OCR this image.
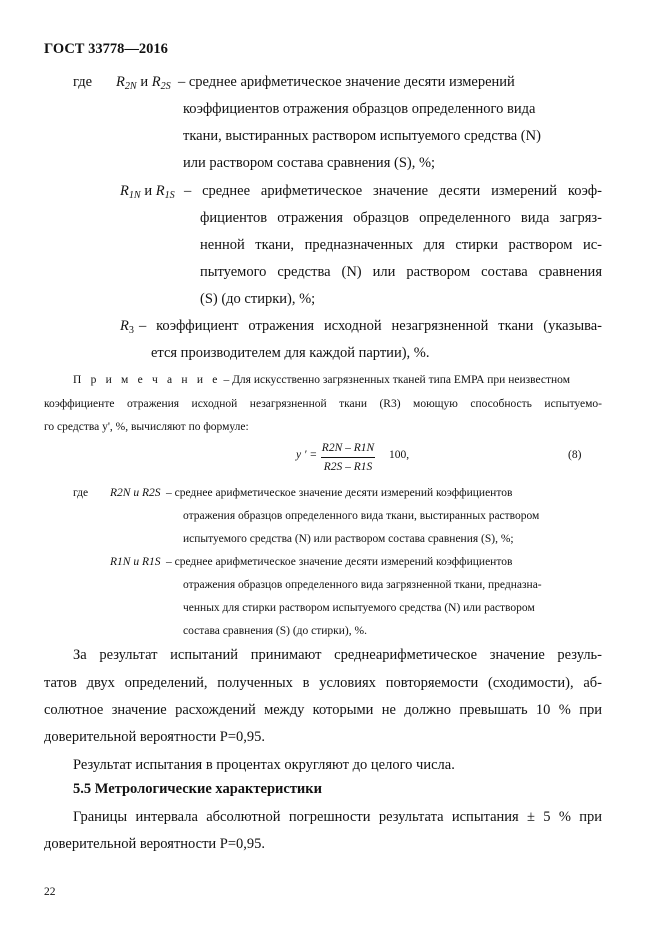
ГОСТ 33778—2016
где $R_{2N}$ и $R_{2S}$ – среднее арифметическое значение десяти измерений
коэффициентов отражения образцов определенного вида
ткани, выстиранных раствором испытуемого средства (N)
или раствором состава сравнения (S), %;
$R_{1N}$ и $R_{1S}$ – среднее арифметическое значение десяти измерений коэф-
фициентов отражения образцов определенного вида загряз-
ненной ткани, предназначенных для стирки раствором ис-
пытуемого средства (N) или раствором состава сравнения
(S) (до стирки), %;
$R_3$ – коэффициент отражения исходной незагрязненной ткани (указыва-
ется производителем для каждой партии), %.
П р и м е ч а н и е – Для искусственно загрязненных тканей типа ЕМРА при неизвестном
коэффициенте отражения исходной незагрязненной ткани (R3) моющую способность испытуемо-
го средства y', %, вычисляют по формуле:
y ′ =
R2N – R1N
R2S – R1S
100,	(8)
где R2N и R2S – среднее арифметическое значение десяти измерений коэффициентов
отражения образцов определенного вида ткани, выстиранных раствором
испытуемого средства (N) или раствором состава сравнения (S), %;
R1N и R1S – среднее арифметическое значение десяти измерений коэффициентов
отражения образцов определенного вида загрязненной ткани, предназна-
ченных для стирки раствором испытуемого средства (N) или раствором
состава сравнения (S) (до стирки), %.
За результат испытаний принимают среднеарифметическое значение резуль-
татов двух определений, полученных в условиях повторяемости (сходимости), аб-
солютное значение расхождений между которыми не должно превышать 10 % при
доверительной вероятности P=0,95.
Результат испытания в процентах округляют до целого числа.
5.5 Метрологические характеристики
Границы интервала абсолютной погрешности результата испытания ± 5 % при
доверительной вероятности P=0,95.
22
